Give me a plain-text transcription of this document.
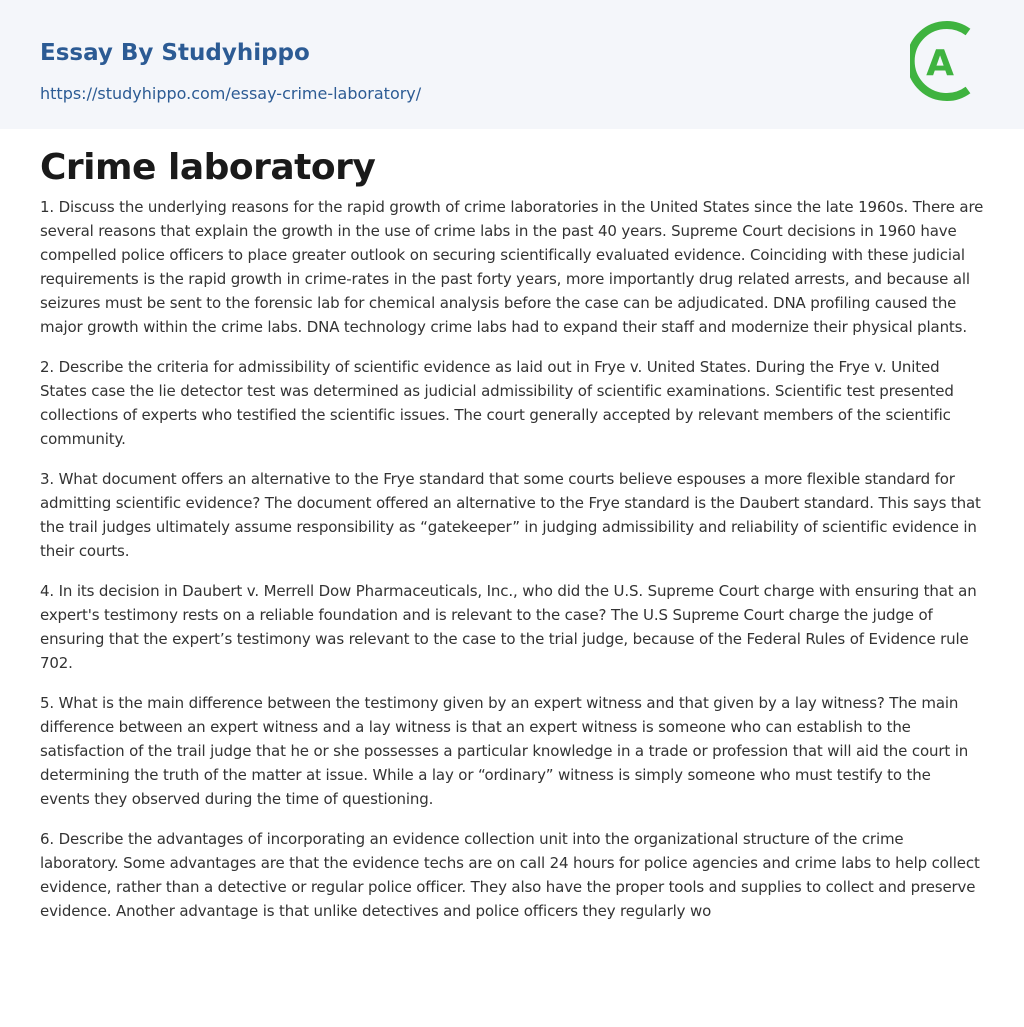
Essay By Studyhippo
https://studyhippo.com/essay-crime-laboratory/
A
Crime laboratory

1. Discuss the underlying reasons for the rapid growth of crime laboratories in the United States since the late 1960s. There are several reasons that explain the growth in the use of crime labs in the past 40 years. Supreme Court decisions in 1960 have compelled police officers to place greater outlook on securing scientifically evaluated evidence. Coinciding with these judicial requirements is the rapid growth in crime-rates in the past forty years, more importantly drug related arrests, and because all seizures must be sent to the forensic lab for chemical analysis before the case can be adjudicated. DNA profiling caused the major growth within the crime labs. DNA technology crime labs had to expand their staff and modernize their physical plants.

2. Describe the criteria for admissibility of scientific evidence as laid out in Frye v. United States. During the Frye v. United States case the lie detector test was determined as judicial admissibility of scientific examinations. Scientific test presented collections of experts who testified the scientific issues. The court generally accepted by relevant members of the scientific community.

3. What document offers an alternative to the Frye standard that some courts believe espouses a more flexible standard for admitting scientific evidence? The document offered an alternative to the Frye standard is the Daubert standard. This says that the trail judges ultimately assume responsibility as “gatekeeper” in judging admissibility and reliability of scientific evidence in their courts.

4. In its decision in Daubert v. Merrell Dow Pharmaceuticals, Inc., who did the U.S. Supreme Court charge with ensuring that an expert's testimony rests on a reliable foundation and is relevant to the case? The U.S Supreme Court charge the judge of ensuring that the expert’s testimony was relevant to the case to the trial judge, because of the Federal Rules of Evidence rule 702.

5. What is the main difference between the testimony given by an expert witness and that given by a lay witness? The main difference between an expert witness and a lay witness is that an expert witness is someone who can establish to the satisfaction of the trail judge that he or she possesses a particular knowledge in a trade or profession that will aid the court in determining the truth of the matter at issue. While a lay or “ordinary” witness is simply someone who must testify to the events they observed during the time of questioning.

6. Describe the advantages of incorporating an evidence collection unit into the organizational structure of the crime laboratory. Some advantages are that the evidence techs are on call 24 hours for police agencies and crime labs to help collect evidence, rather than a detective or regular police officer. They also have the proper tools and supplies to collect and preserve evidence. Another advantage is that unlike detectives and police officers they regularly wo
